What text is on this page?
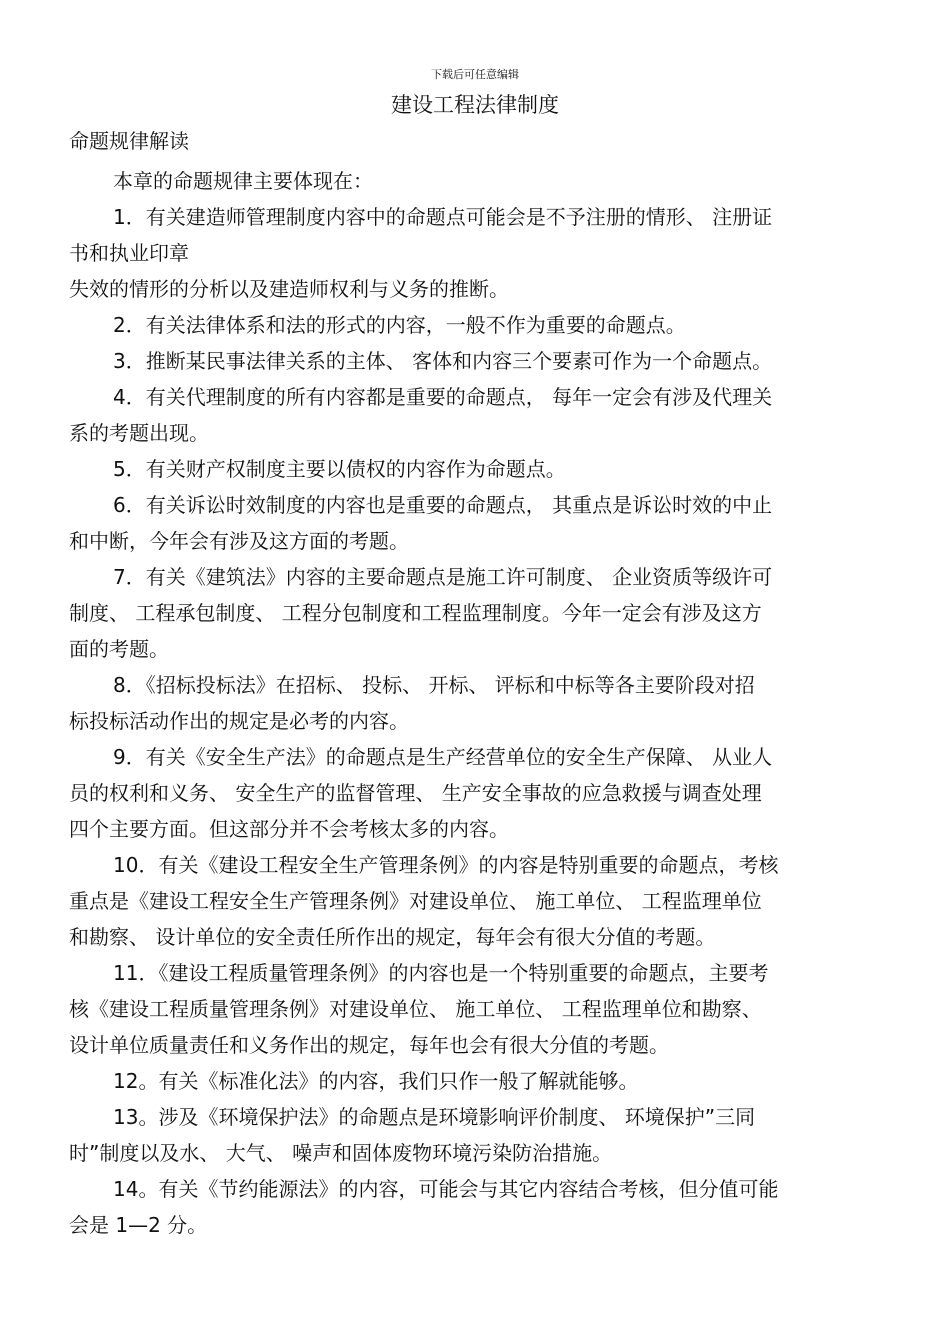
下载后可任意编辑
建设工程法律制度
命题规律解读

本章的命题规律主要体现在：

1．有关建造师管理制度内容中的命题点可能会是不予注册的情形、 注册证

书和执业印章

失效的情形的分析以及建造师权利与义务的推断。

2．有关法律体系和法的形式的内容，一般不作为重要的命题点。

3．推断某民事法律关系的主体、 客体和内容三个要素可作为一个命题点。

4．有关代理制度的所有内容都是重要的命题点， 每年一定会有涉及代理关

系的考题出现。

5．有关财产权制度主要以债权的内容作为命题点。

6．有关诉讼时效制度的内容也是重要的命题点， 其重点是诉讼时效的中止

和中断，今年会有涉及这方面的考题。

7．有关《建筑法》内容的主要命题点是施工许可制度、 企业资质等级许可

制度、 工程承包制度、 工程分包制度和工程监理制度。今年一定会有涉及这方

面的考题。

8．《招标投标法》在招标、 投标、 开标、 评标和中标等各主要阶段对招

标投标活动作出的规定是必考的内容。

9．有关《安全生产法》的命题点是生产经营单位的安全生产保障、 从业人

员的权利和义务、 安全生产的监督管理、 生产安全事故的应急救援与调查处理

四个主要方面。但这部分并不会考核太多的内容。

10．有关《建设工程安全生产管理条例》的内容是特别重要的命题点，考核

重点是《建设工程安全生产管理条例》对建设单位、 施工单位、 工程监理单位

和勘察、 设计单位的安全责任所作出的规定，每年会有很大分值的考题。

11．《建设工程质量管理条例》的内容也是一个特别重要的命题点，主要考

核《建设工程质量管理条例》对建设单位、 施工单位、 工程监理单位和勘察、

设计单位质量责任和义务作出的规定，每年也会有很大分值的考题。

12。有关《标准化法》的内容，我们只作一般了解就能够。

13。涉及《环境保护法》的命题点是环境影响评价制度、 环境保护”三同

时”制度以及水、 大气、 噪声和固体废物环境污染防治措施。

14。有关《节约能源法》的内容，可能会与其它内容结合考核，但分值可能

会是 1—2 分。
